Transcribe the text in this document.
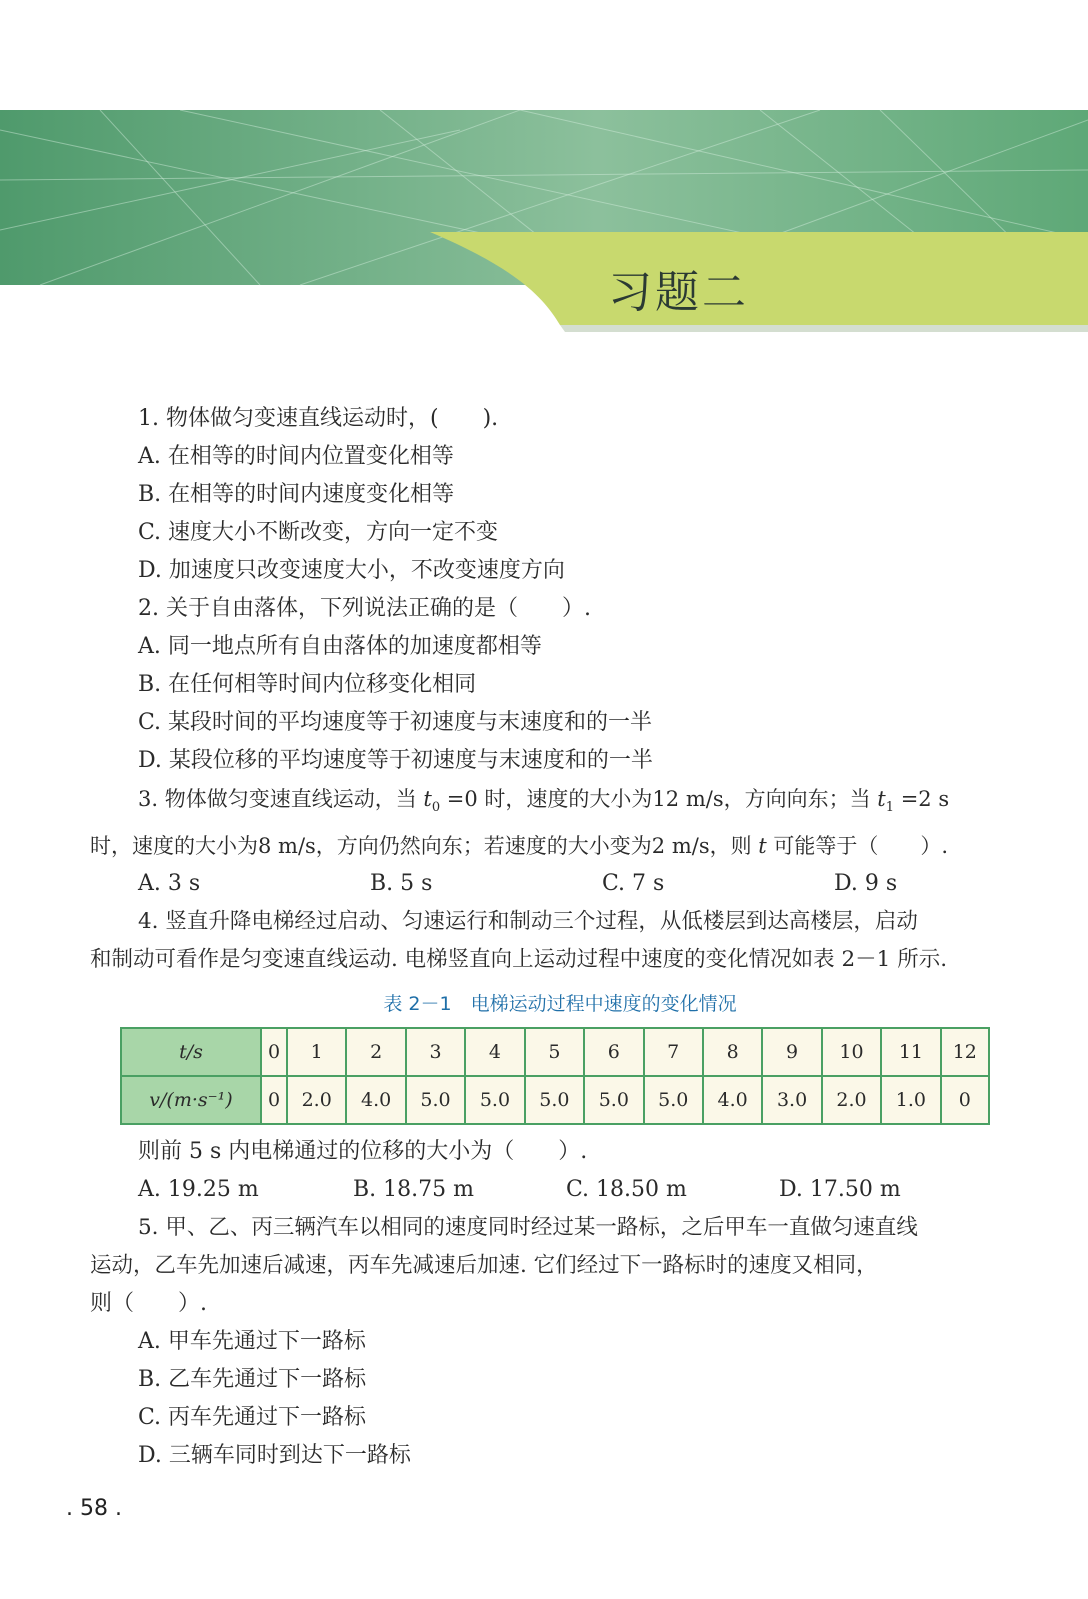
习题二
1. 物体做匀变速直线运动时，(　　).
A. 在相等的时间内位置变化相等
B. 在相等的时间内速度变化相等
C. 速度大小不断改变，方向一定不变
D. 加速度只改变速度大小，不改变速度方向
2. 关于自由落体，下列说法正确的是（　　）.
A. 同一地点所有自由落体的加速度都相等
B. 在任何相等时间内位移变化相同
C. 某段时间的平均速度等于初速度与末速度和的一半
D. 某段位移的平均速度等于初速度与末速度和的一半
3. 物体做匀变速直线运动，当 $t_0 =0$ 时，速度的大小为12 m/s，方向向东；当 $t_1 =2$ s
时，速度的大小为8 m/s，方向仍然向东；若速度的大小变为2 m/s，则 t 可能等于（　　）.
A. 3 s	B. 5 s	C. 7 s	D. 9 s
4. 竖直升降电梯经过启动、匀速运行和制动三个过程，从低楼层到达高楼层，启动
和制动可看作是匀变速直线运动. 电梯竖直向上运动过程中速度的变化情况如表 2－1 所示.
表 2－1　电梯运动过程中速度的变化情况
t/s	0	1	2	3	4	5	6	7	8	9	10	11	12
v/(m·s⁻¹)	0	2.0	4.0	5.0	5.0	5.0	5.0	5.0	4.0	3.0	2.0	1.0	0
则前 5 s 内电梯通过的位移的大小为（　　）.
A. 19.25 m	B. 18.75 m	C. 18.50 m	D. 17.50 m
5. 甲、乙、丙三辆汽车以相同的速度同时经过某一路标，之后甲车一直做匀速直线
运动，乙车先加速后减速，丙车先减速后加速. 它们经过下一路标时的速度又相同，
则（　　）.
A. 甲车先通过下一路标
B. 乙车先通过下一路标
C. 丙车先通过下一路标
D. 三辆车同时到达下一路标
. 58 .
